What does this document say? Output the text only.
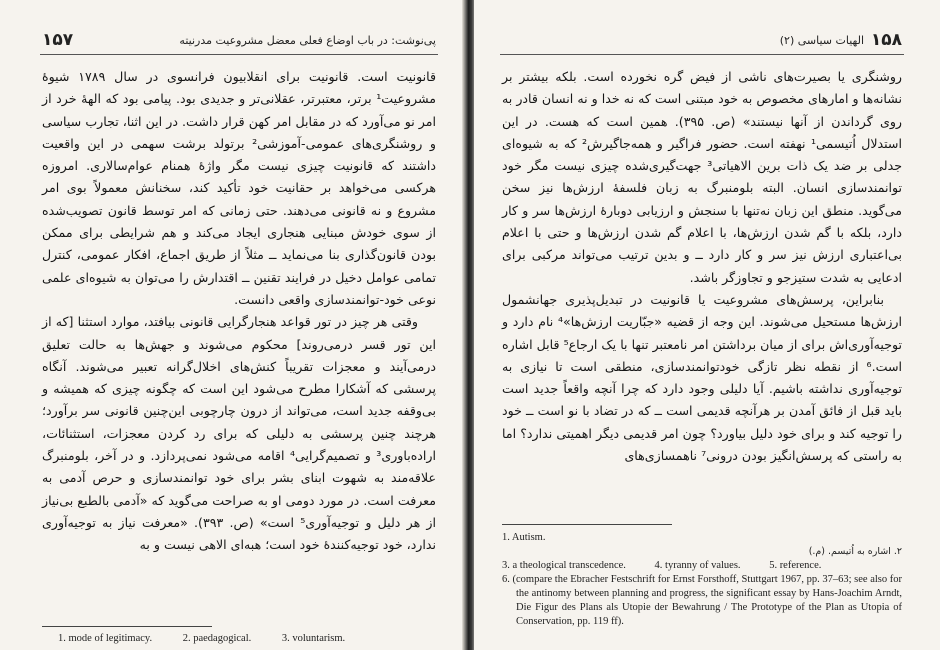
۱۵۷	پی‌نوشت: در باب اوضاع فعلی معضل مشروعیت مدرنیته

قانونیت است. قانونیت برای انقلابیون فرانسوی در سال ۱۷۸۹ شیوهٔ مشروعیت¹ برتر، معتبرتر، عقلانی‌تر و جدیدی بود. پیامی بود که الههٔ خرد از امر نو می‌آورد که در مقابل امر کهن قرار داشت. در این اثنا، تجارب سیاسی و روشنگری‌های عمومی-آموزشی² برتولد برشت سهمی در این واقعیت داشتند که قانونیت چیزی نیست مگر واژهٔ همنام عوام‌سالاری. امروزه هرکسی می‌خواهد بر حقانیت خود تأکید کند، سخنانش معمولاً بوی امر مشروع و نه قانونی می‌دهند. حتی زمانی که امر توسط قانون تصویب‌شده از سوی خودش مبنایی هنجاری ایجاد می‌کند و هم شرایطی برای ممکن بودن قانون‌گذاری بنا می‌نماید ــ مثلاً از طریق اجماع، افکار عمومی، کنترل تمامی عوامل دخیل در فرایند تقنین ــ اقتدارش را می‌توان به شیوه‌ای علمی نوعی خود-توانمندسازی واقعی دانست.

وقتی هر چیز در تور قواعد هنجارگرایی قانونی بیافتد، موارد استثنا [که از این تور قسر درمی‌روند] محکوم می‌شوند و جهش‌ها به حالت تعلیق درمی‌آیند و معجزات تقریباً کنش‌های اخلال‌گرانه تعبیر می‌شوند. آنگاه پرسشی که آشکارا مطرح می‌شود این است که چگونه چیزی که همیشه و بی‌وقفه جدید است، می‌تواند از درون چارچوبی این‌چنین قانونی سر برآورد؛ هرچند چنین پرسشی به دلیلی که برای رد کردن معجزات، استثنائات، اراده‌باوری³ و تصمیم‌گرایی⁴ اقامه می‌شود نمی‌پردازد. و در آخر، بلومنبرگ علاقه‌مند به شهوت ابنای بشر برای خود توانمندسازی و حرص آدمی به معرفت است. در مورد دومی او به صراحت می‌گوید که «آدمی بالطبع بی‌نیاز از هر دلیل و توجیه‌آوری⁵ است» (ص. ۳۹۳). «معرفت نیاز به توجیه‌آوری ندارد، خود توجیه‌کنندهٔ خود است؛ هبه‌ای الاهی نیست و به

1. mode of legitimacy.	2. paedagogical.	3. voluntarism.
الهیات سیاسی (۲) ۱۵۸

روشنگری یا بصیرت‌های ناشی از فیض گره نخورده است. بلکه بیشتر بر نشانه‌ها و امارهای مخصوص به خود مبتنی است که نه خدا و نه انسان قادر به روی گرداندن از آنها نیستند» (ص. ۳۹۵). همین است که هست. در این استدلال اُتیسمی¹ نهفته است. حضور فراگیر و همه‌جاگیرش² که به شیوه‌ای جدلی بر ضد یک ذات برین الاهیاتی³ جهت‌گیری‌شده چیزی نیست مگر خود توانمندسازی انسان. البته بلومنبرگ به زبان فلسفهٔ ارزش‌ها نیز سخن می‌گوید. منطق این زبان نه‌تنها با سنجش و ارزیابی دوبارهٔ ارزش‌ها سر و کار دارد، بلکه با گم شدن ارزش‌ها، با اعلام گم شدن ارزش‌ها و حتی با اعلام بی‌اعتباری ارزش نیز سر و کار دارد ــ و بدین ترتیب می‌تواند مرکبی برای ادعایی به شدت ستیزجو و تجاوزگر باشد.

بنابراین، پرسش‌های مشروعیت یا قانونیت در تبدیل‌پذیری جهانشمول ارزش‌ها مستحیل می‌شوند. این وجه از قضیه «جبّاریت ارزش‌ها»⁴ نام دارد و توجیه‌آوری‌اش برای از میان برداشتن امر نامعتبر تنها با یک ارجاع⁵ قابل اشاره است.⁶ از نقطه نظر تازگی خودتوانمندسازی، منطقی است تا نیازی به توجیه‌آوری نداشته باشیم. آیا دلیلی وجود دارد که چرا آنچه واقعاً جدید است باید قبل از فائق آمدن بر هرآنچه قدیمی است ــ که در تضاد با نو است ــ خود را توجیه کند و برای خود دلیل بیاورد؟ چون امر قدیمی دیگر اهمیتی ندارد؟ اما به راستی که پرسش‌انگیز بودن درونی⁷ ناهمسازی‌های

1. Autism.
۲. اشاره به اُتیسم. (م.)
3. a theological transcedence.	4. tyranny of values.	5. reference.
6. (compare the Ebracher Festschrift for Ernst Forsthoff, Stuttgart 1967, pp. 37–63; see also for the antinomy between planning and progress, the significant essay by Hans-Joachim Arndt, Die Figur des Plans als Utopie der Bewahrung / The Prototype of the Plan as Utopia of Conservation, pp. 119 ff).
